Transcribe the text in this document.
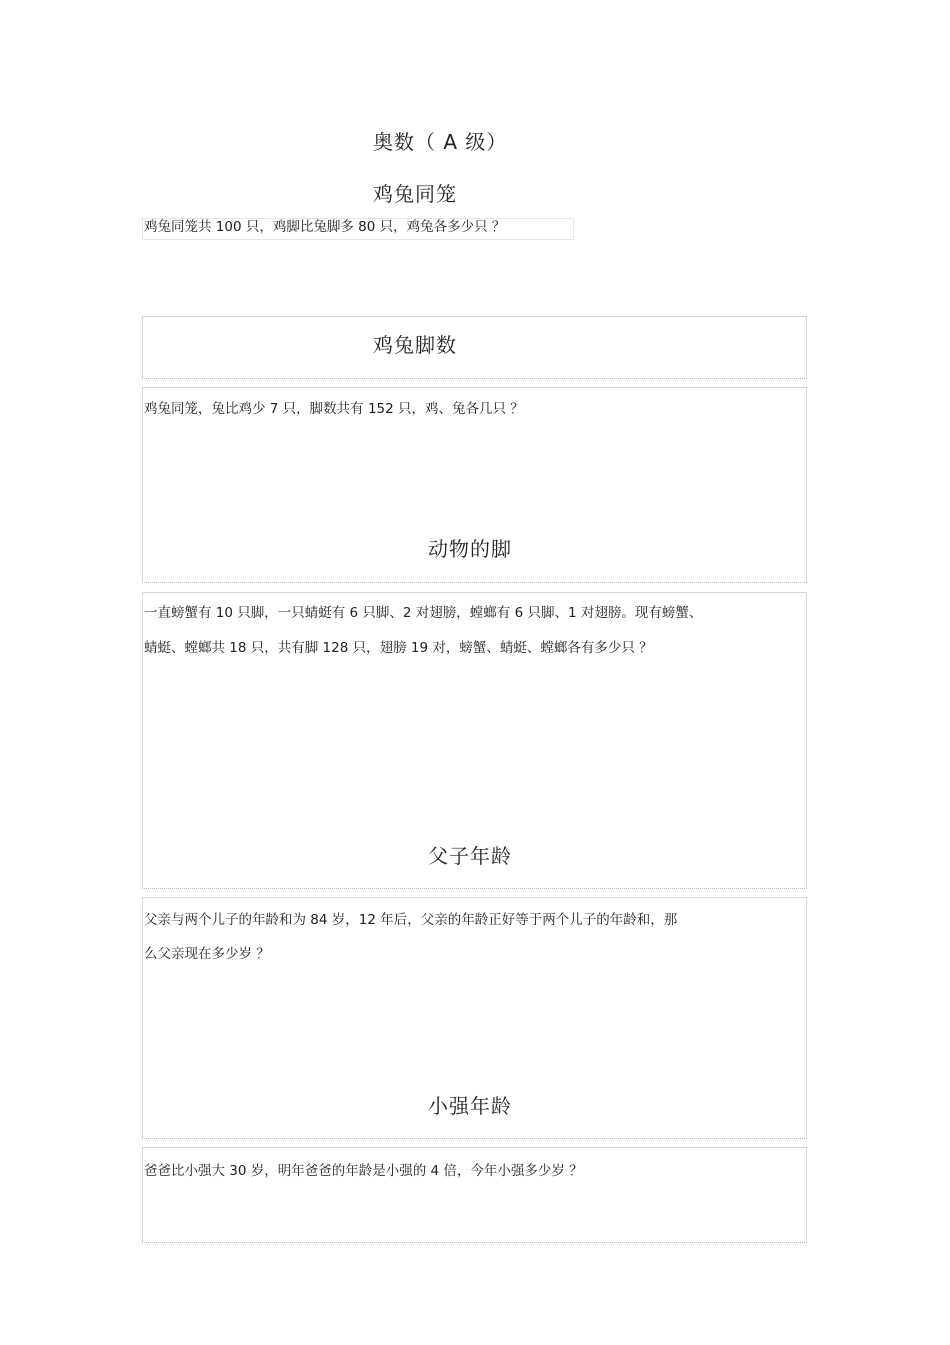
奥数（ A 级）
鸡兔同笼
鸡兔同笼共 100 只，鸡脚比兔脚多 80 只，鸡兔各多少只 ？
鸡兔脚数
鸡兔同笼，兔比鸡少 7 只，脚数共有 152 只，鸡、兔各几只 ？
动物的脚
一直螃蟹有 10 只脚，一只蜻蜓有 6 只脚、2 对翅膀，螳螂有 6 只脚、1 对翅膀。现有螃蟹、
蜻蜓、螳螂共 18 只，共有脚 128 只，翅膀 19 对，螃蟹、蜻蜓、螳螂各有多少只 ？
父子年龄
父亲与两个儿子的年龄和为 84 岁，12 年后，父亲的年龄正好等于两个儿子的年龄和，那
么父亲现在多少岁 ？
小强年龄
爸爸比小强大 30 岁，明年爸爸的年龄是小强的 4 倍，今年小强多少岁 ？
